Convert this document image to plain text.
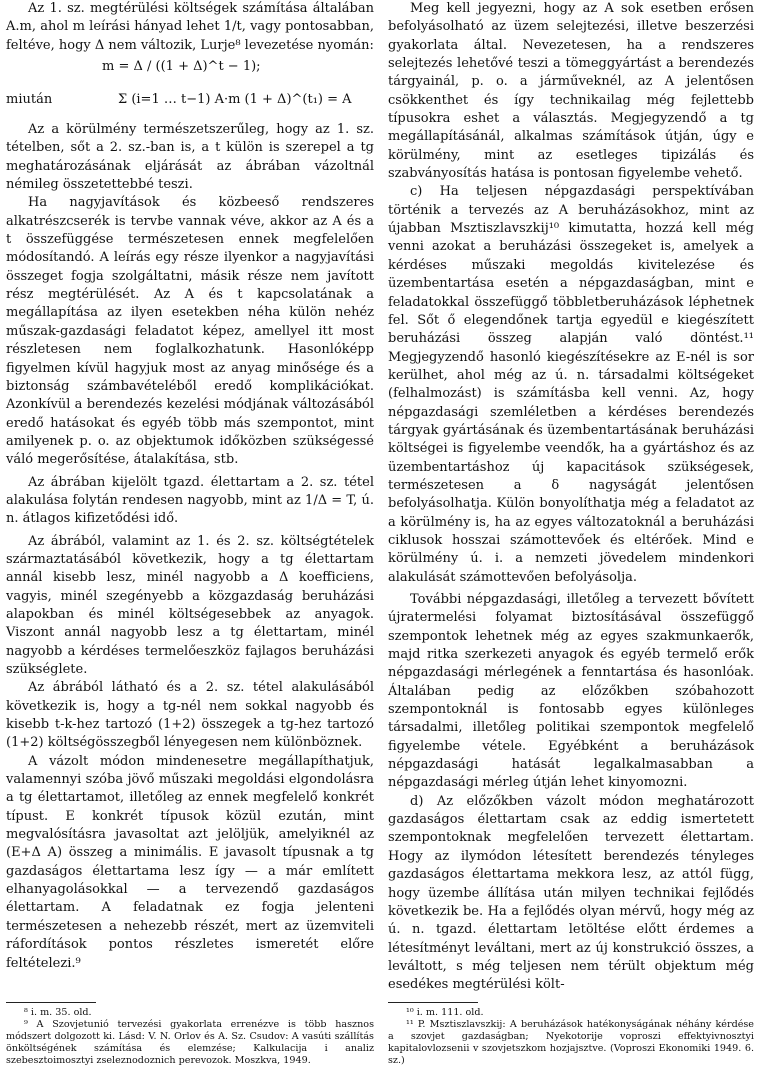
Az 1. sz. megtérülési költségek számítása általában A.m, ahol m leírási hányad lehet 1/t, vagy pontosabban, feltéve, hogy Δ nem változik, Lurje⁸ levezetése nyomán:

m = Δ / ((1 + Δ)^t − 1);
miután	Σ (i=1 … t−1) A·m (1 + Δ)^(t₁) = A

Az a körülmény természetszerűleg, hogy az 1. sz. tételben, sőt a 2. sz.-ban is, a t külön is szerepel a tg meghatározásának eljárását az ábrában vázoltnál némileg összetettebbé teszi.

Ha nagyjavítások és közbeeső rendszeres alkatrészcserék is tervbe vannak véve, akkor az A és a t összefüggése természetesen ennek megfelelően módosítandó. A leírás egy része ilyenkor a nagyjavítási összeget fogja szolgáltatni, másik része nem javított rész megtérülését. Az A és t kapcsolatának a megállapítása az ilyen esetekben néha külön nehéz műszak-gazdasági feladatot képez, amellyel itt most részletesen nem foglalkozhatunk. Hasonlóképp figyelmen kívül hagyjuk most az anyag minősége és a biztonság számbavételéből eredő komplikációkat. Azonkívül a berendezés kezelési módjának változásából eredő hatásokat és egyéb több más szempontot, mint amilyenek p. o. az objektumok időközben szükségessé váló megerősítése, átalakítása, stb.

Az ábrában kijelölt tgazd. élettartam a 2. sz. tétel alakulása folytán rendesen nagyobb, mint az 1/Δ = T, ú. n. átlagos kifizetődési idő.

Az ábrából, valamint az 1. és 2. sz. költségtételek származtatásából következik, hogy a tg élettartam annál kisebb lesz, minél nagyobb a Δ koefficiens, vagyis, minél szegényebb a közgazdaság beruházási alapokban és minél költségesebbek az anyagok. Viszont annál nagyobb lesz a tg élettartam, minél nagyobb a kérdéses termelőeszköz fajlagos beruházási szükséglete.

Az ábrából látható és a 2. sz. tétel alakulásából következik is, hogy a tg-nél nem sokkal nagyobb és kisebb t-k-hez tartozó (1+2) összegek a tg-hez tartozó (1+2) költségösszegből lényegesen nem különböznek.

A vázolt módon mindenesetre megállapíthatjuk, valamennyi szóba jövő műszaki megoldási elgondolásra a tg élettartamot, illetőleg az ennek megfelelő konkrét típust. E konkrét típusok közül ezután, mint megvalósításra javasoltat azt jelöljük, amelyiknél az (E+Δ A) összeg a minimális. E javasolt típusnak a tg gazdaságos élettartama lesz így — a már említett elhanyagolásokkal — a tervezendő gazdaságos élettartam. A feladatnak ez fogja jelenteni természetesen a nehezebb részét, mert az üzemviteli ráfordítások pontos részletes ismeretét előre feltételezi.⁹

Meg kell jegyezni, hogy az A sok esetben erősen befolyásolható az üzem selejtezési, illetve beszerzési gyakorlata által. Nevezetesen, ha a rendszeres selejtezés lehetővé teszi a tömeggyártást a berendezés tárgyainál, p. o. a járműveknél, az A jelentősen csökkenthet és így technikailag még fejlettebb típusokra eshet a választás. Megjegyzendő a tg megállapításánál, alkalmas számítások útján, úgy e körülmény, mint az esetleges tipizálás és szabványosítás hatása is pontosan figyelembe vehető.

c) Ha teljesen népgazdasági perspektívában történik a tervezés az A beruházásokhoz, mint az újabban Msztiszlavszkij¹⁰ kimutatta, hozzá kell még venni azokat a beruházási összegeket is, amelyek a kérdéses műszaki megoldás kivitelezése és üzembentartása esetén a népgazdaságban, mint e feladatokkal összefüggő többletberuházások léphetnek fel. Sőt ő elegendőnek tartja egyedül e kiegészített beruházási összeg alapján való döntést.¹¹ Megjegyzendő hasonló kiegészítésekre az E-nél is sor kerülhet, ahol még az ú. n. társadalmi költségeket (felhalmozást) is számításba kell venni. Az, hogy népgazdasági szemléletben a kérdéses berendezés tárgyak gyártásának és üzembentartásának beruházási költségei is figyelembe veendők, ha a gyártáshoz és az üzembentartáshoz új kapacitások szükségesek, természetesen a δ nagyságát jelentősen befolyásolhatja. Külön bonyolíthatja még a feladatot az a körülmény is, ha az egyes változatoknál a beruházási ciklusok hosszai számottevőek és eltérőek. Mind e körülmény ú. i. a nemzeti jövedelem mindenkori alakulását számottevően befolyásolja.

További népgazdasági, illetőleg a tervezett bővített újratermelési folyamat biztosításával összefüggő szempontok lehetnek még az egyes szakmunkaerők, majd ritka szerkezeti anyagok és egyéb termelő erők népgazdasági mérlegének a fenntartása és hasonlóak. Általában pedig az előzőkben szóbahozott szempontoknál is fontosabb egyes különleges társadalmi, illetőleg politikai szempontok megfelelő figyelembe vétele. Egyébként a beruházások népgazdasági hatását legalkalmasabban a népgazdasági mérleg útján lehet kinyomozni.

d) Az előzőkben vázolt módon meghatározott gazdaságos élettartam csak az eddig ismertetett szempontoknak megfelelően tervezett élettartam. Hogy az ilymódon létesített berendezés tényleges gazdaságos élettartama mekkora lesz, az attól függ, hogy üzembe állítása után milyen technikai fejlődés következik be. Ha a fejlődés olyan mérvű, hogy még az ú. n. tgazd. élettartam letöltése előtt érdemes a létesítményt leváltani, mert az új konstrukció összes, a leváltott, s még teljesen nem térült objektum még esedékes megtérülési költ-

⁸ i. m. 35. old.

⁹ A Szovjetunió tervezési gyakorlata errenézve is több hasznos módszert dolgozott ki. Lásd: V. N. Orlov és A. Sz. Csudov: A vasúti szállítás önköltségének számítása és elemzése; Kalkulacija i analiz szebesztoimosztyi zseleznodoznich perevozok. Moszkva, 1949.

¹⁰ i. m. 111. old.

¹¹ P. Msztiszlavszkij: A beruházások hatékonyságának néhány kérdése a szovjet gazdaságban; Nyekotorije voproszi effektyivnosztyi kapitalovlozsenii v szovjetszkom hozjajsztve. (Voproszi Ekonomiki 1949. 6. sz.)
